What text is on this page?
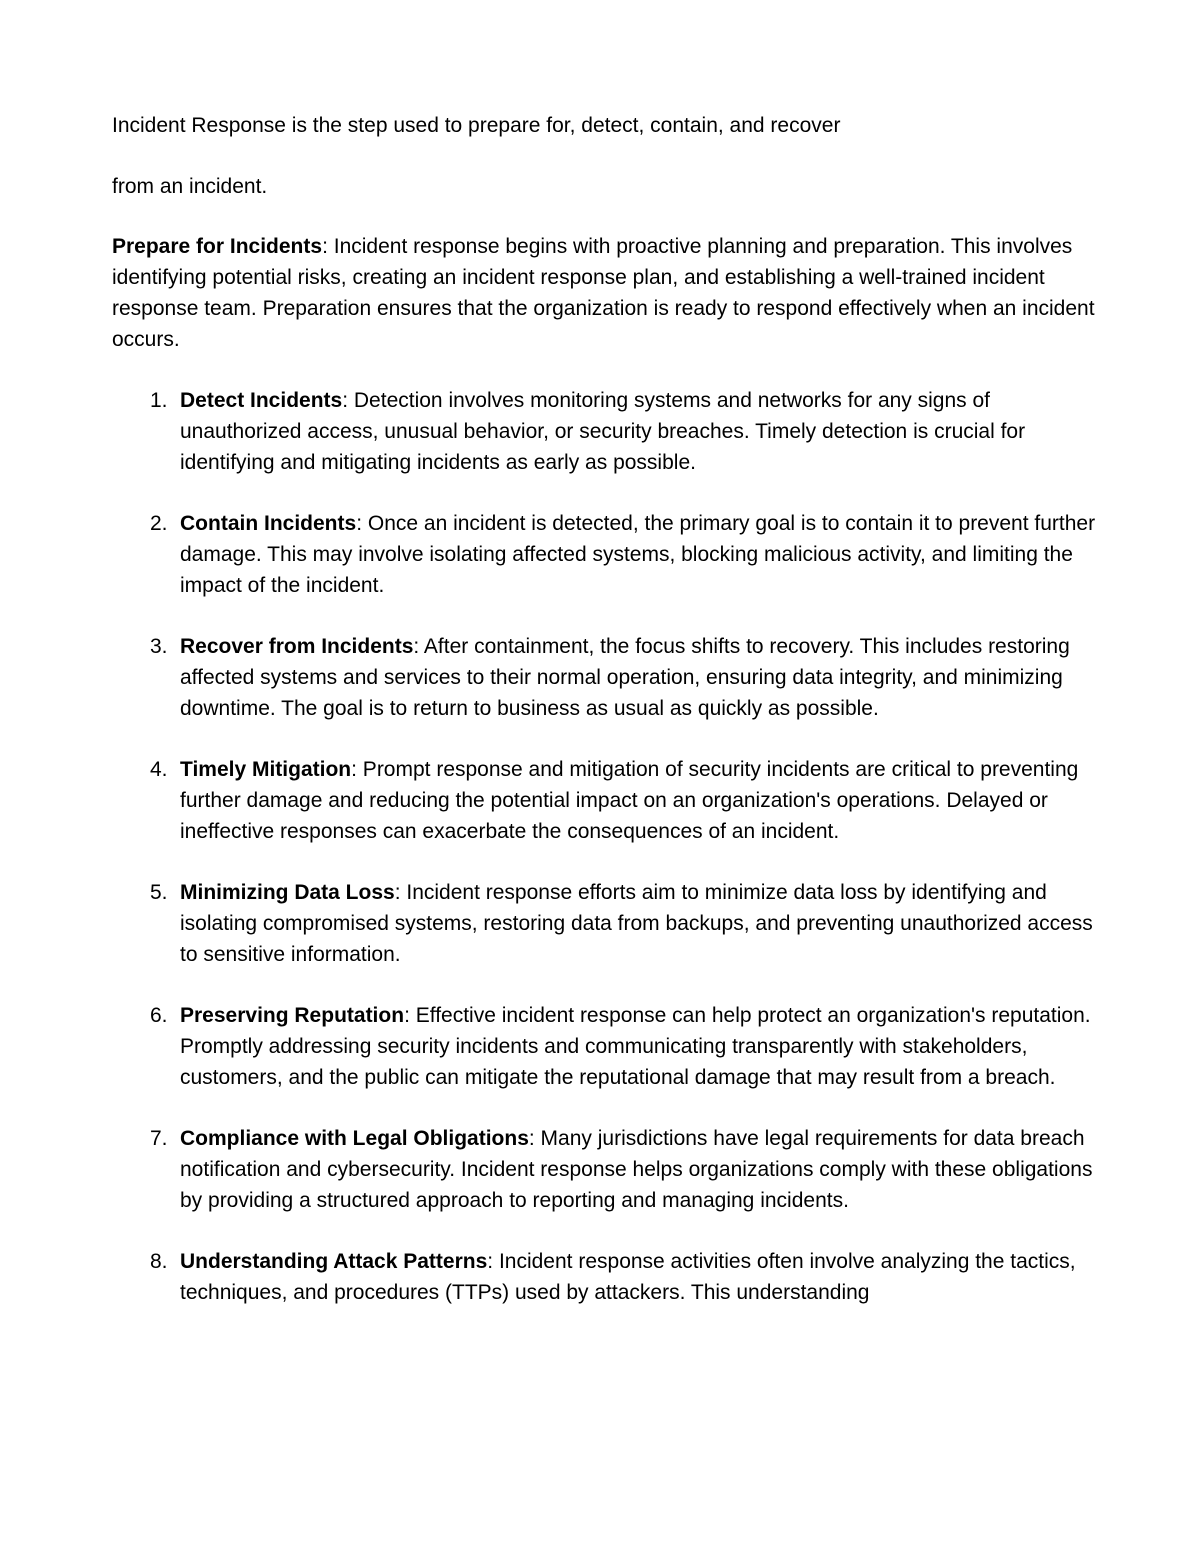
Incident Response is the step used to prepare for, detect, contain, and recover

from an incident.

Prepare for Incidents: Incident response begins with proactive planning and preparation. This involves identifying potential risks, creating an incident response plan, and establishing a well-trained incident response team. Preparation ensures that the organization is ready to respond effectively when an incident occurs.

1. Detect Incidents: Detection involves monitoring systems and networks for any signs of unauthorized access, unusual behavior, or security breaches. Timely detection is crucial for identifying and mitigating incidents as early as possible.
2. Contain Incidents: Once an incident is detected, the primary goal is to contain it to prevent further damage. This may involve isolating affected systems, blocking malicious activity, and limiting the impact of the incident.
3. Recover from Incidents: After containment, the focus shifts to recovery. This includes restoring affected systems and services to their normal operation, ensuring data integrity, and minimizing downtime. The goal is to return to business as usual as quickly as possible.
4. Timely Mitigation: Prompt response and mitigation of security incidents are critical to preventing further damage and reducing the potential impact on an organization's operations. Delayed or ineffective responses can exacerbate the consequences of an incident.
5. Minimizing Data Loss: Incident response efforts aim to minimize data loss by identifying and isolating compromised systems, restoring data from backups, and preventing unauthorized access to sensitive information.
6. Preserving Reputation: Effective incident response can help protect an organization's reputation. Promptly addressing security incidents and communicating transparently with stakeholders, customers, and the public can mitigate the reputational damage that may result from a breach.
7. Compliance with Legal Obligations: Many jurisdictions have legal requirements for data breach notification and cybersecurity. Incident response helps organizations comply with these obligations by providing a structured approach to reporting and managing incidents.
8. Understanding Attack Patterns: Incident response activities often involve analyzing the tactics, techniques, and procedures (TTPs) used by attackers. This understanding
